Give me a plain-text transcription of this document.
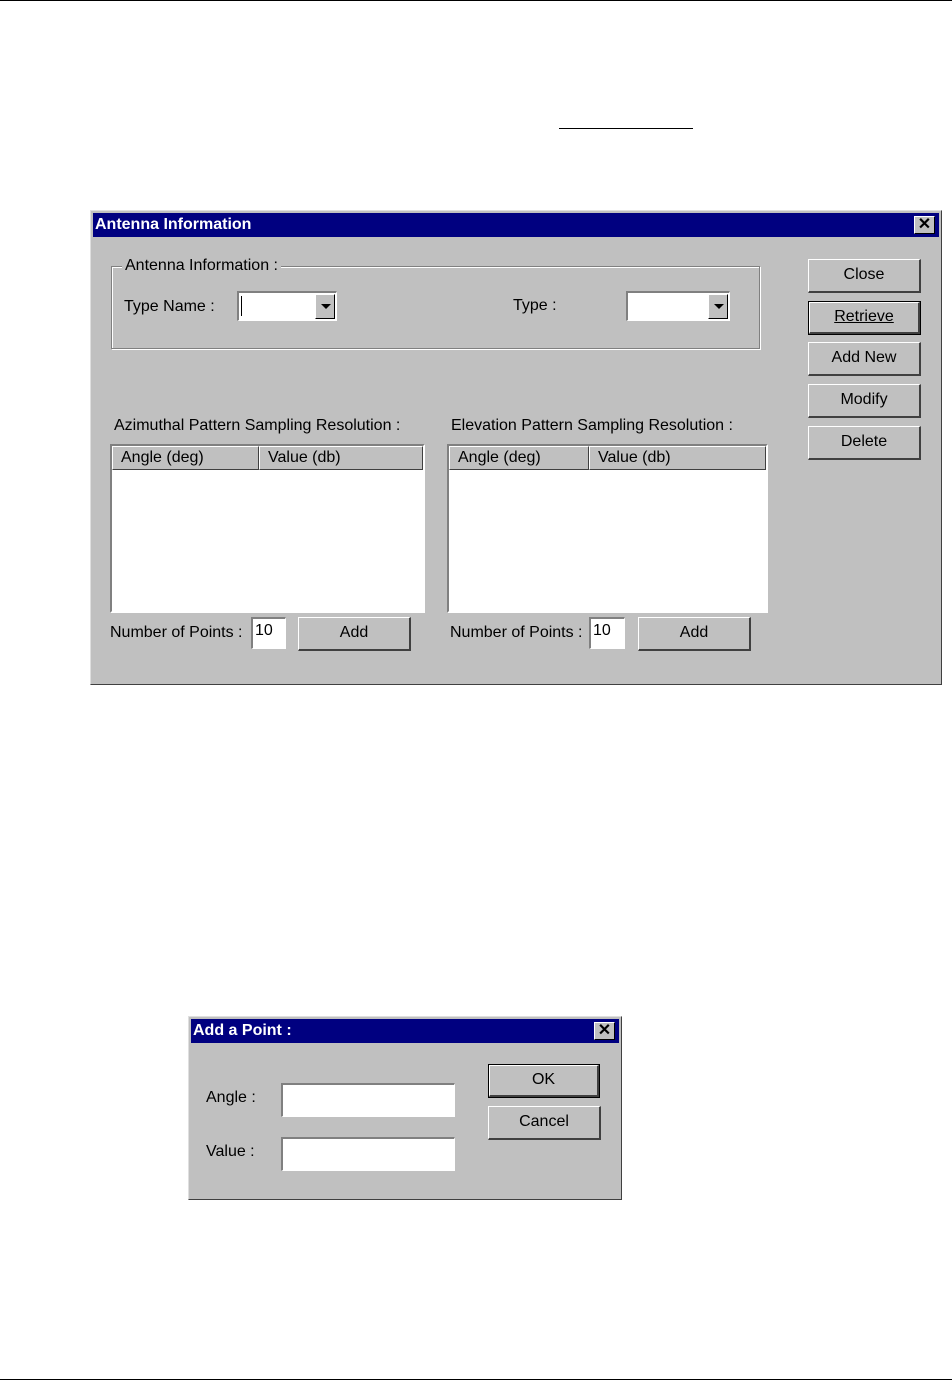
Antenna Information	✕
Antenna Information :
Type Name :	Type :
Close
Retrieve
Add New
Modify
Delete
Azimuthal Pattern Sampling Resolution :
Angle (deg)	Value (db)
Number of Points : 10	Add
Elevation Pattern Sampling Resolution :
Angle (deg)	Value (db)
Number of Points : 10	Add
Add a Point :	✕
Angle :
Value :
OK
Cancel
